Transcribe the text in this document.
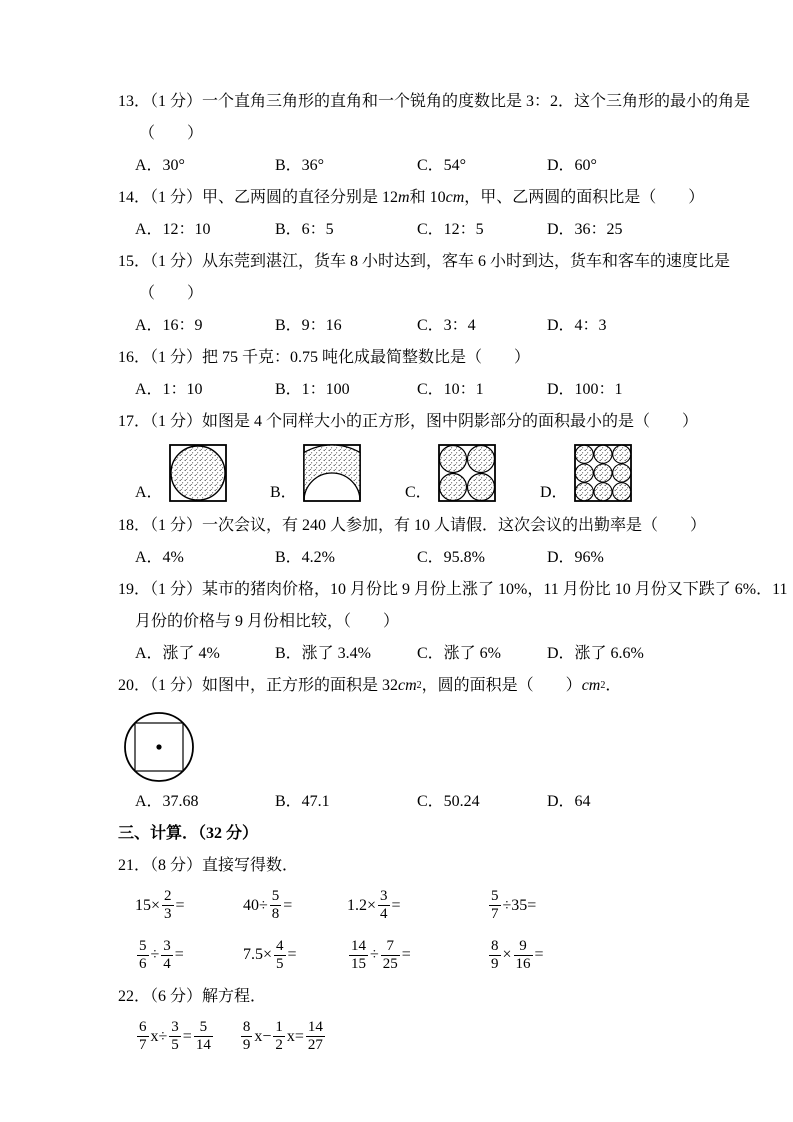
13．（1 分）一个直角三角形的直角和一个锐角的度数比是 3：2．这个三角形的最小的角是
（　　）
A．30°	B．36°	C．54°	D．60°
14．（1 分）甲、乙两圆的直径分别是 12 m 和 10 cm ，甲、乙两圆的面积比是（　　）
A．12：10	B．6：5	C．12：5	D．36：25
15．（1 分）从东莞到湛江，货车 8 小时达到，客车 6 小时到达，货车和客车的速度比是
（　　）
A．16：9	B．9：16	C．3：4	D．4：3
16．（1 分）把 75 千克：0.75 吨化成最简整数比是（　　）
A．1：10	B．1：100	C．10：1	D．100：1
17．（1 分）如图是 4 个同样大小的正方形，图中阴影部分的面积最小的是（　　）
A．	B．	C．	D．
18．（1 分）一次会议，有 240 人参加，有 10 人请假．这次会议的出勤率是（　　）
A．4%	B．4.2%	C．95.8%	D．96%
19．（1 分）某市的猪肉价格，10 月份比 9 月份上涨了 10%，11 月份比 10 月份又下跌了 6%．11
月份的价格与 9 月份相比较，（　　）
A．涨了 4%	B．涨了 3.4%	C．涨了 6%	D．涨了 6.6%
20．（1 分）如图中，正方形的面积是 32 cm 2 ，圆的面积是（　　） cm 2 ．
A．37.68	B．47.1	C．50.24	D．64
三、计算．（32 分）
21．（8 分）直接写得数．
$15\times \frac{2}{3}$ =	$40\div \frac{5}{8}$ =	$1.2\times \frac{3}{4}$ =	$\frac{5}{7} \div 35=$
$\frac{5}{6} \div \frac{3}{4}$ =	$7.5\times \frac{4}{5}$ =	$\frac{14}{15} \div \frac{7}{25}$ =	$\frac{8}{9} \times \frac{9}{16}$ =
22．（6 分）解方程．
$\frac{6}{7} x\div \frac{3}{5} = \frac{5}{14} \frac{8}{9} x- \frac{1}{2} x= \frac{14}{27}$
